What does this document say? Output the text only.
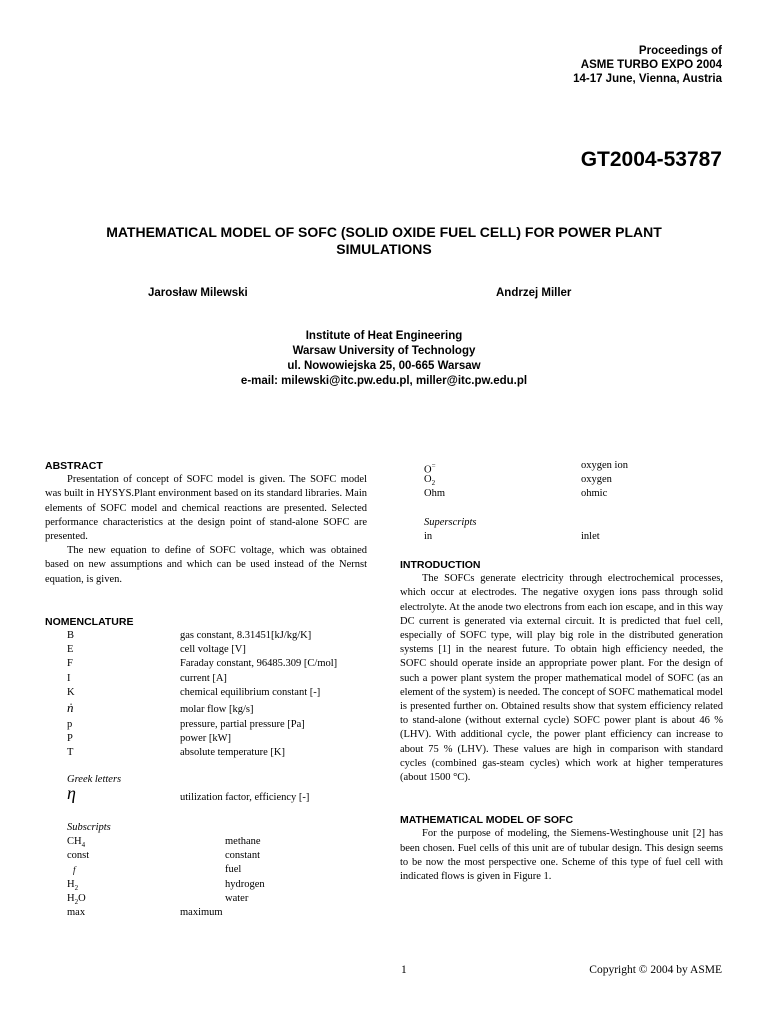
Proceedings of
ASME TURBO EXPO 2004
14-17 June, Vienna, Austria
GT2004-53787
MATHEMATICAL MODEL OF SOFC (SOLID OXIDE FUEL CELL) FOR POWER PLANT SIMULATIONS
Jarosław Milewski	Andrzej Miller
Institute of Heat Engineering
Warsaw University of Technology
ul. Nowowiejska 25, 00-665 Warsaw
e-mail: milewski@itc.pw.edu.pl, miller@itc.pw.edu.pl
ABSTRACT

Presentation of concept of SOFC model is given. The SOFC model was built in HYSYS.Plant environment based on its standard libraries. Main elements of SOFC model and chemical reactions are presented. Selected performance characteristics at the design point of stand-alone SOFC are presented.

The new equation to define of SOFC voltage, which was obtained based on new assumptions and which can be used instead of the Nernst equation, is given.

NOMENCLATURE
B	gas constant, 8.31451[kJ/kg/K]
E	cell voltage [V]
F	Faraday constant, 96485.309 [C/mol]
I	current [A]
K	chemical equilibrium constant [-]
ṅ	molar flow [kg/s]
p	pressure, partial pressure [Pa]
P	power [kW]
T	absolute temperature [K]
Greek letters
η	utilization factor, efficiency [-]
Subscripts
$CH_4$	methane
const	constant
f	fuel
$H_2$	hydrogen
$H_2O$	water
max	maximum
O=	oxygen ion
$O_2$	oxygen
Ohm	ohmic
Superscripts
in	inlet
INTRODUCTION

The SOFCs generate electricity through electrochemical processes, which occur at electrodes. The negative oxygen ions pass through solid electrolyte. At the anode two electrons from each ion escape, and in this way DC current is generated via external circuit. It is predicted that fuel cell, especially of SOFC type, will play big role in the distributed generation systems [1] in the nearest future. To obtain high efficiency needed, the SOFC should operate inside an appropriate power plant. For the design of such a power plant system the proper mathematical model of SOFC (as an element of the system) is needed. The concept of SOFC mathematical model is presented further on. Obtained results show that system efficiency related to stand-alone (without external cycle) SOFC power plant is about 46 % (LHV). With additional cycle, the power plant efficiency can increase to about 75 % (LHV). These values are high in comparison with standard cycles (combined gas-steam cycles) which work at higher temperatures (about 1500 °C).

MATHEMATICAL MODEL OF SOFC

For the purpose of modeling, the Siemens-Westinghouse unit [2] has been chosen. Fuel cells of this unit are of tubular design. This design seems to be now the most perspective one. Scheme of this type of fuel cell with indicated flows is given in Figure 1.

1	Copyright © 2004 by ASME
